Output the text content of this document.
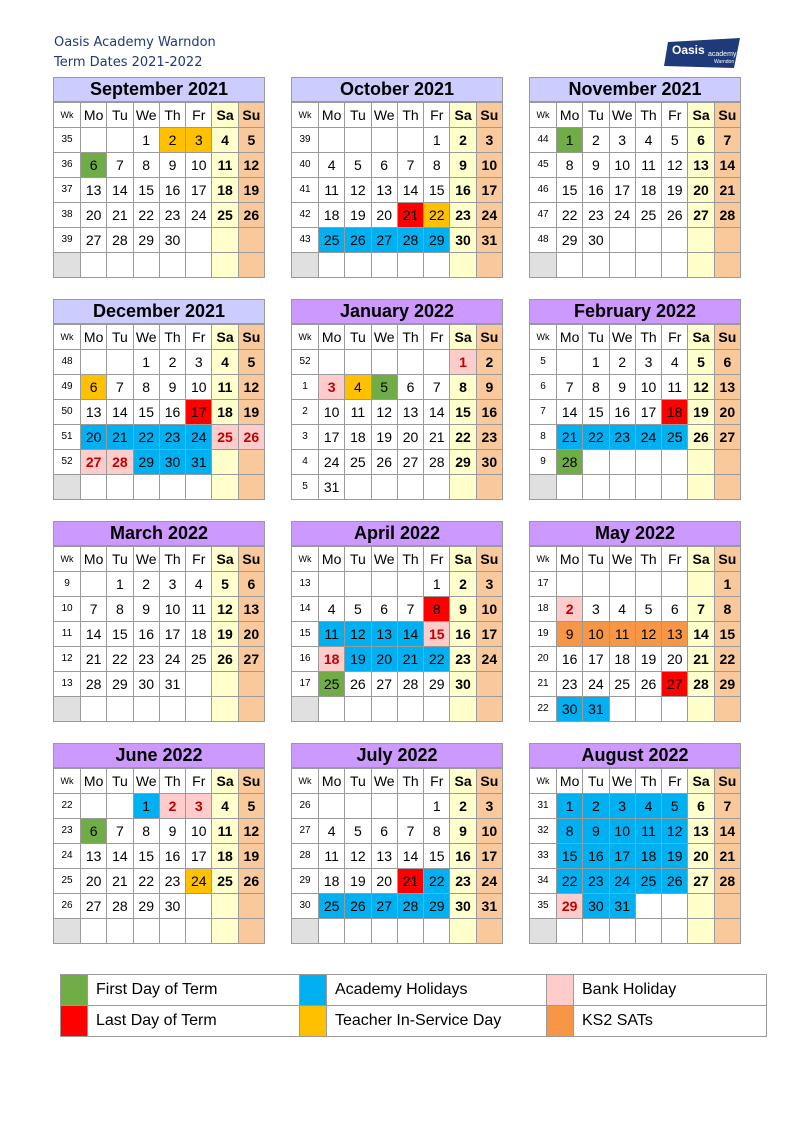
Oasis Academy Warndon
Term Dates 2021-2022
Oasis academy
Warndon
September 2021
Wk	Mo	Tu	We	Th	Fr	Sa	Su
35			1	2	3	4	5
36	6	7	8	9	10	11	12
37	13	14	15	16	17	18	19
38	20	21	22	23	24	25	26
39	27	28	29	30			

October 2021
Wk	Mo	Tu	We	Th	Fr	Sa	Su
39					1	2	3
40	4	5	6	7	8	9	10
41	11	12	13	14	15	16	17
42	18	19	20	21	22	23	24
43	25	26	27	28	29	30	31

November 2021
Wk	Mo	Tu	We	Th	Fr	Sa	Su
44	1	2	3	4	5	6	7
45	8	9	10	11	12	13	14
46	15	16	17	18	19	20	21
47	22	23	24	25	26	27	28
48	29	30					

December 2021
Wk	Mo	Tu	We	Th	Fr	Sa	Su
48			1	2	3	4	5
49	6	7	8	9	10	11	12
50	13	14	15	16	17	18	19
51	20	21	22	23	24	25	26
52	27	28	29	30	31		

January 2022
Wk	Mo	Tu	We	Th	Fr	Sa	Su
52						1	2
1	3	4	5	6	7	8	9
2	10	11	12	13	14	15	16
3	17	18	19	20	21	22	23
4	24	25	26	27	28	29	30
5	31						
February 2022
Wk	Mo	Tu	We	Th	Fr	Sa	Su
5		1	2	3	4	5	6
6	7	8	9	10	11	12	13
7	14	15	16	17	18	19	20
8	21	22	23	24	25	26	27
9	28						

March 2022
Wk	Mo	Tu	We	Th	Fr	Sa	Su
9		1	2	3	4	5	6
10	7	8	9	10	11	12	13
11	14	15	16	17	18	19	20
12	21	22	23	24	25	26	27
13	28	29	30	31			

April 2022
Wk	Mo	Tu	We	Th	Fr	Sa	Su
13					1	2	3
14	4	5	6	7	8	9	10
15	11	12	13	14	15	16	17
16	18	19	20	21	22	23	24
17	25	26	27	28	29	30	

May 2022
Wk	Mo	Tu	We	Th	Fr	Sa	Su
17							1
18	2	3	4	5	6	7	8
19	9	10	11	12	13	14	15
20	16	17	18	19	20	21	22
21	23	24	25	26	27	28	29
22	30	31					
June 2022
Wk	Mo	Tu	We	Th	Fr	Sa	Su
22			1	2	3	4	5
23	6	7	8	9	10	11	12
24	13	14	15	16	17	18	19
25	20	21	22	23	24	25	26
26	27	28	29	30			

July 2022
Wk	Mo	Tu	We	Th	Fr	Sa	Su
26					1	2	3
27	4	5	6	7	8	9	10
28	11	12	13	14	15	16	17
29	18	19	20	21	22	23	24
30	25	26	27	28	29	30	31

August 2022
Wk	Mo	Tu	We	Th	Fr	Sa	Su
31	1	2	3	4	5	6	7
32	8	9	10	11	12	13	14
33	15	16	17	18	19	20	21
34	22	23	24	25	26	27	28
35	29	30	31				

	First Day of Term		Academy Holidays		Bank Holiday
	Last Day of Term		Teacher In-Service Day		KS2 SATs
